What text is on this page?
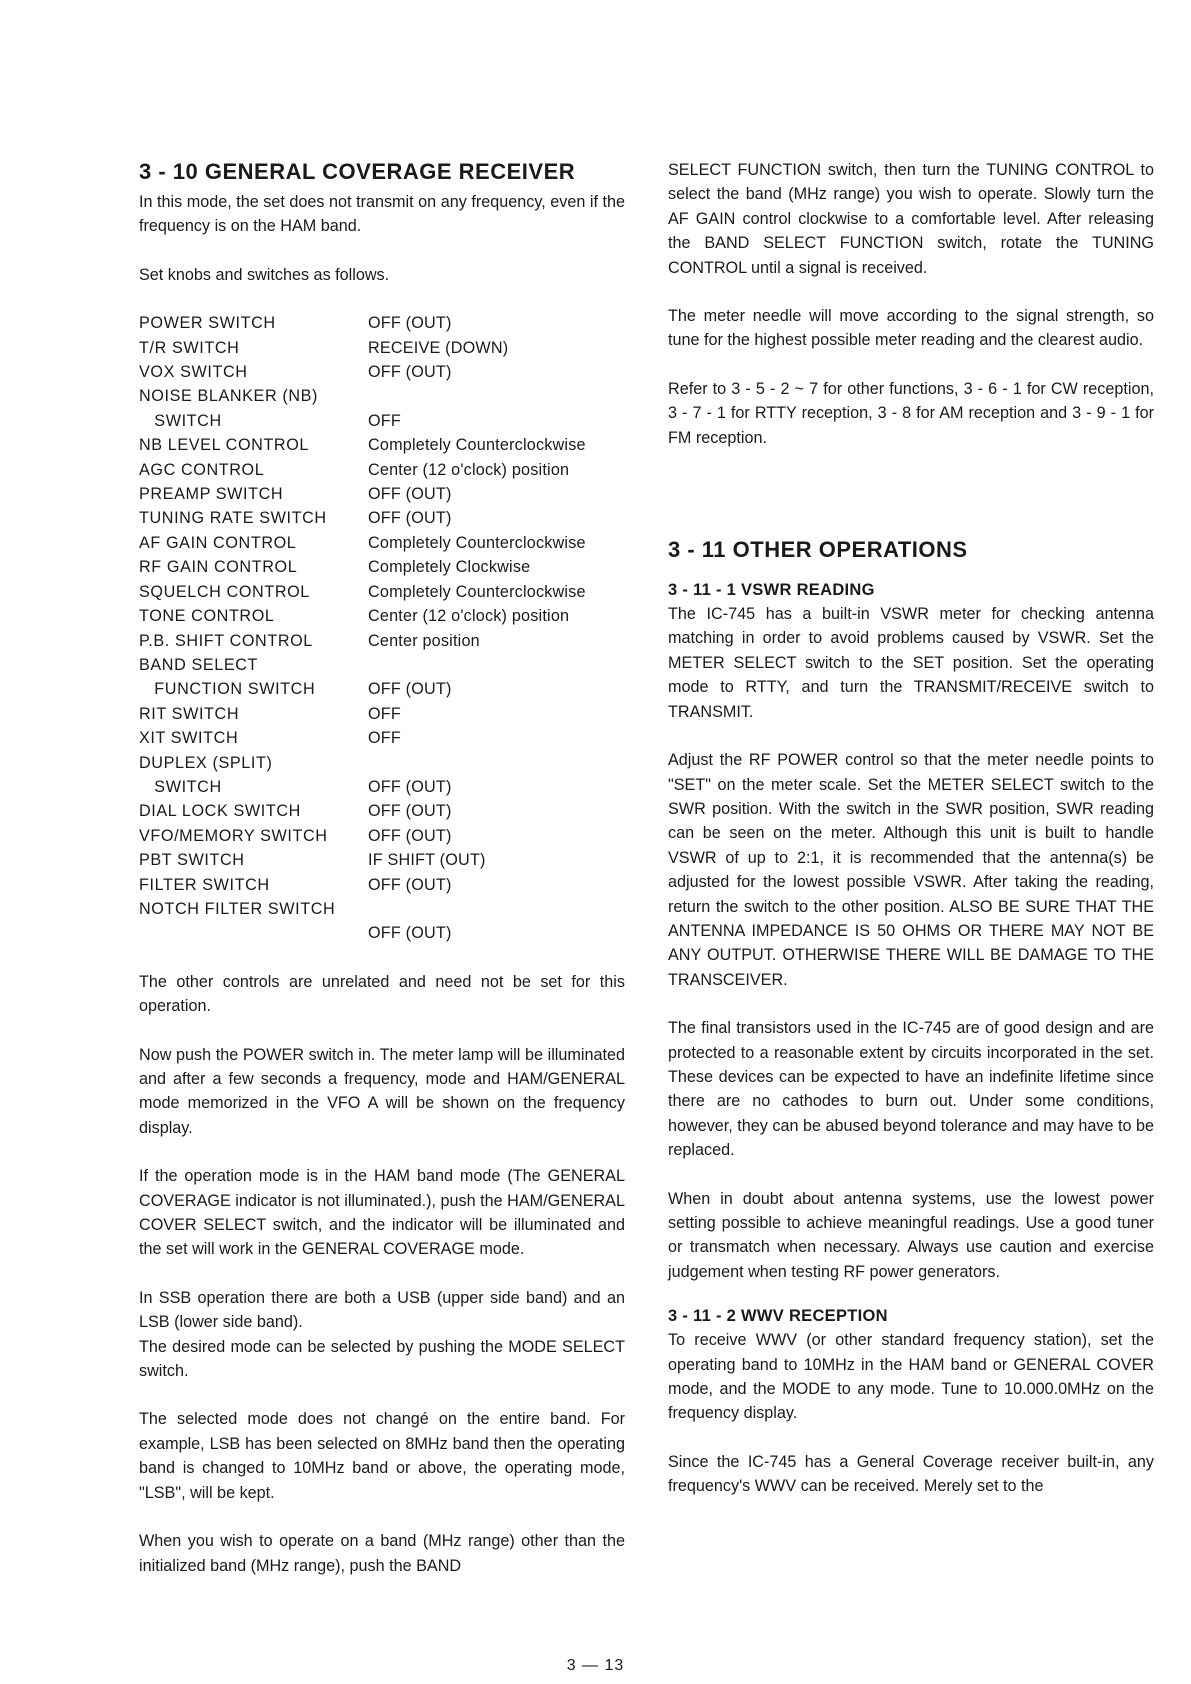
3 - 10 GENERAL COVERAGE RECEIVER

In this mode, the set does not transmit on any frequency, even if the frequency is on the HAM band.

Set knobs and switches as follows.

POWER SWITCH	OFF (OUT)
T/R SWITCH	RECEIVE (DOWN)
VOX SWITCH	OFF (OUT)
NOISE BLANKER (NB)	
SWITCH	OFF
NB LEVEL CONTROL	Completely Counterclockwise
AGC CONTROL	Center (12 o'clock) position
PREAMP SWITCH	OFF (OUT)
TUNING RATE SWITCH	OFF (OUT)
AF GAIN CONTROL	Completely Counterclockwise
RF GAIN CONTROL	Completely Clockwise
SQUELCH CONTROL	Completely Counterclockwise
TONE CONTROL	Center (12 o'clock) position
P.B. SHIFT CONTROL	Center position
BAND SELECT	
FUNCTION SWITCH	OFF (OUT)
RIT SWITCH	OFF
XIT SWITCH	OFF
DUPLEX (SPLIT)	
SWITCH	OFF (OUT)
DIAL LOCK SWITCH	OFF (OUT)
VFO/MEMORY SWITCH	OFF (OUT)
PBT SWITCH	IF SHIFT (OUT)
FILTER SWITCH	OFF (OUT)
NOTCH FILTER SWITCH	
	OFF (OUT)

The other controls are unrelated and need not be set for this operation.

Now push the POWER switch in. The meter lamp will be illuminated and after a few seconds a frequency, mode and HAM/GENERAL mode memorized in the VFO A will be shown on the frequency display.

If the operation mode is in the HAM band mode (The GENERAL COVERAGE indicator is not illuminated.), push the HAM/GENERAL COVER SELECT switch, and the indicator will be illuminated and the set will work in the GENERAL COVERAGE mode.

In SSB operation there are both a USB (upper side band) and an LSB (lower side band).
The desired mode can be selected by pushing the MODE SELECT switch.

The selected mode does not changé on the entire band. For example, LSB has been selected on 8MHz band then the operating band is changed to 10MHz band or above, the operating mode, "LSB", will be kept.

When you wish to operate on a band (MHz range) other than the initialized band (MHz range), push the BAND

SELECT FUNCTION switch, then turn the TUNING CONTROL to select the band (MHz range) you wish to operate. Slowly turn the AF GAIN control clockwise to a comfortable level. After releasing the BAND SELECT FUNCTION switch, rotate the TUNING CONTROL until a signal is received.

The meter needle will move according to the signal strength, so tune for the highest possible meter reading and the clearest audio.

Refer to 3 - 5 - 2 ~ 7 for other functions, 3 - 6 - 1 for CW reception, 3 - 7 - 1 for RTTY reception, 3 - 8 for AM reception and 3 - 9 - 1 for FM reception.

3 - 11 OTHER OPERATIONS
3 - 11 - 1 VSWR READING

The IC-745 has a built-in VSWR meter for checking antenna matching in order to avoid problems caused by VSWR. Set the METER SELECT switch to the SET position. Set the operating mode to RTTY, and turn the TRANSMIT/RECEIVE switch to TRANSMIT.

Adjust the RF POWER control so that the meter needle points to "SET" on the meter scale. Set the METER SELECT switch to the SWR position. With the switch in the SWR position, SWR reading can be seen on the meter. Although this unit is built to handle VSWR of up to 2:1, it is recommended that the antenna(s) be adjusted for the lowest possible VSWR. After taking the reading, return the switch to the other position. ALSO BE SURE THAT THE ANTENNA IMPEDANCE IS 50 OHMS OR THERE MAY NOT BE ANY OUTPUT. OTHERWISE THERE WILL BE DAMAGE TO THE TRANSCEIVER.

The final transistors used in the IC-745 are of good design and are protected to a reasonable extent by circuits incorporated in the set. These devices can be expected to have an indefinite lifetime since there are no cathodes to burn out. Under some conditions, however, they can be abused beyond tolerance and may have to be replaced.

When in doubt about antenna systems, use the lowest power setting possible to achieve meaningful readings. Use a good tuner or transmatch when necessary. Always use caution and exercise judgement when testing RF power generators.

3 - 11 - 2 WWV RECEPTION

To receive WWV (or other standard frequency station), set the operating band to 10MHz in the HAM band or GENERAL COVER mode, and the MODE to any mode. Tune to 10.000.0MHz on the frequency display.

Since the IC-745 has a General Coverage receiver built-in, any frequency's WWV can be received. Merely set to the

3 — 13
